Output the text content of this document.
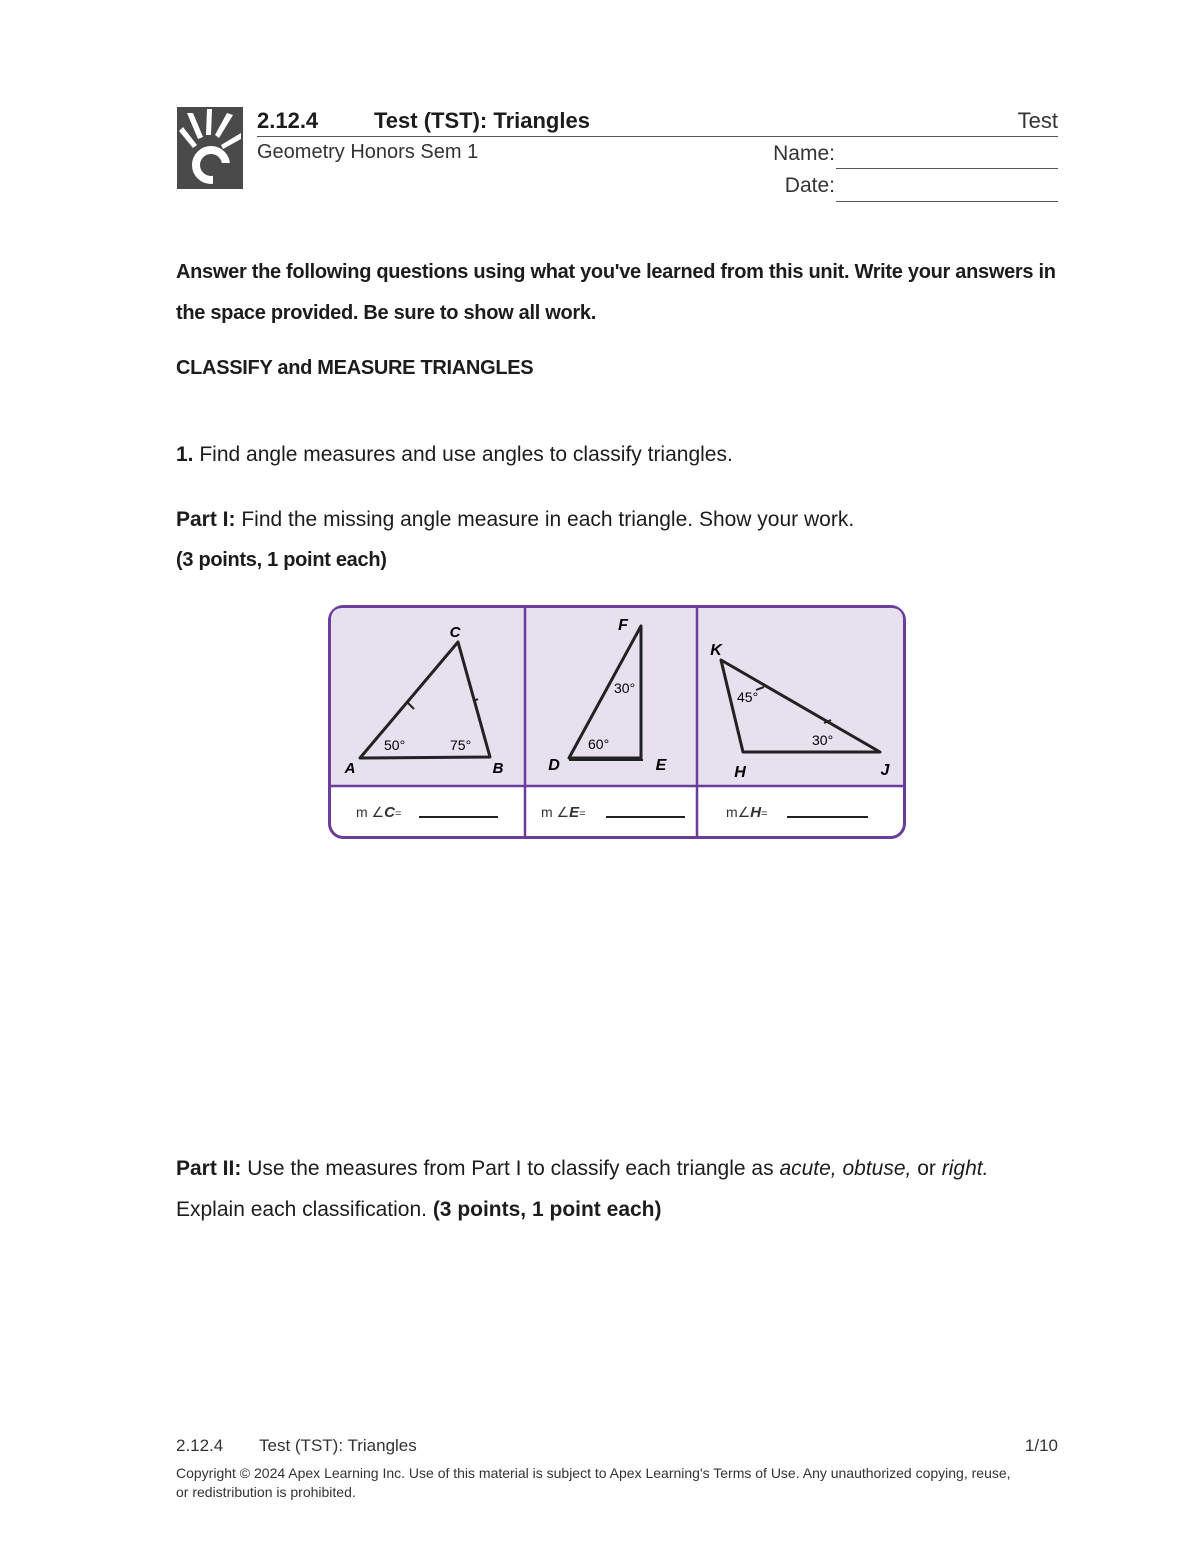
2.12.4	Test (TST): Triangles	Test
Geometry Honors Sem 1	Name:
Date:
Answer the following questions using what you've learned from this unit. Write your answers in the space provided. Be sure to show all work.
CLASSIFY and MEASURE TRIANGLES
1. Find angle measures and use angles to classify triangles.
Part I: Find the missing angle measure in each triangle. Show your work.
(3 points, 1 point each)
C
A	B
50°	75°
F
D	E
60°
30°
K
H	J
45°
30°
m ∠C=	m ∠E=	m∠H=
Part II: Use the measures from Part I to classify each triangle as acute, obtuse, or right. Explain each classification. (3 points, 1 point each)
2.12.4 Test (TST): Triangles	1/10
Copyright © 2024 Apex Learning Inc. Use of this material is subject to Apex Learning's Terms of Use. Any unauthorized copying, reuse, or redistribution is prohibited.
